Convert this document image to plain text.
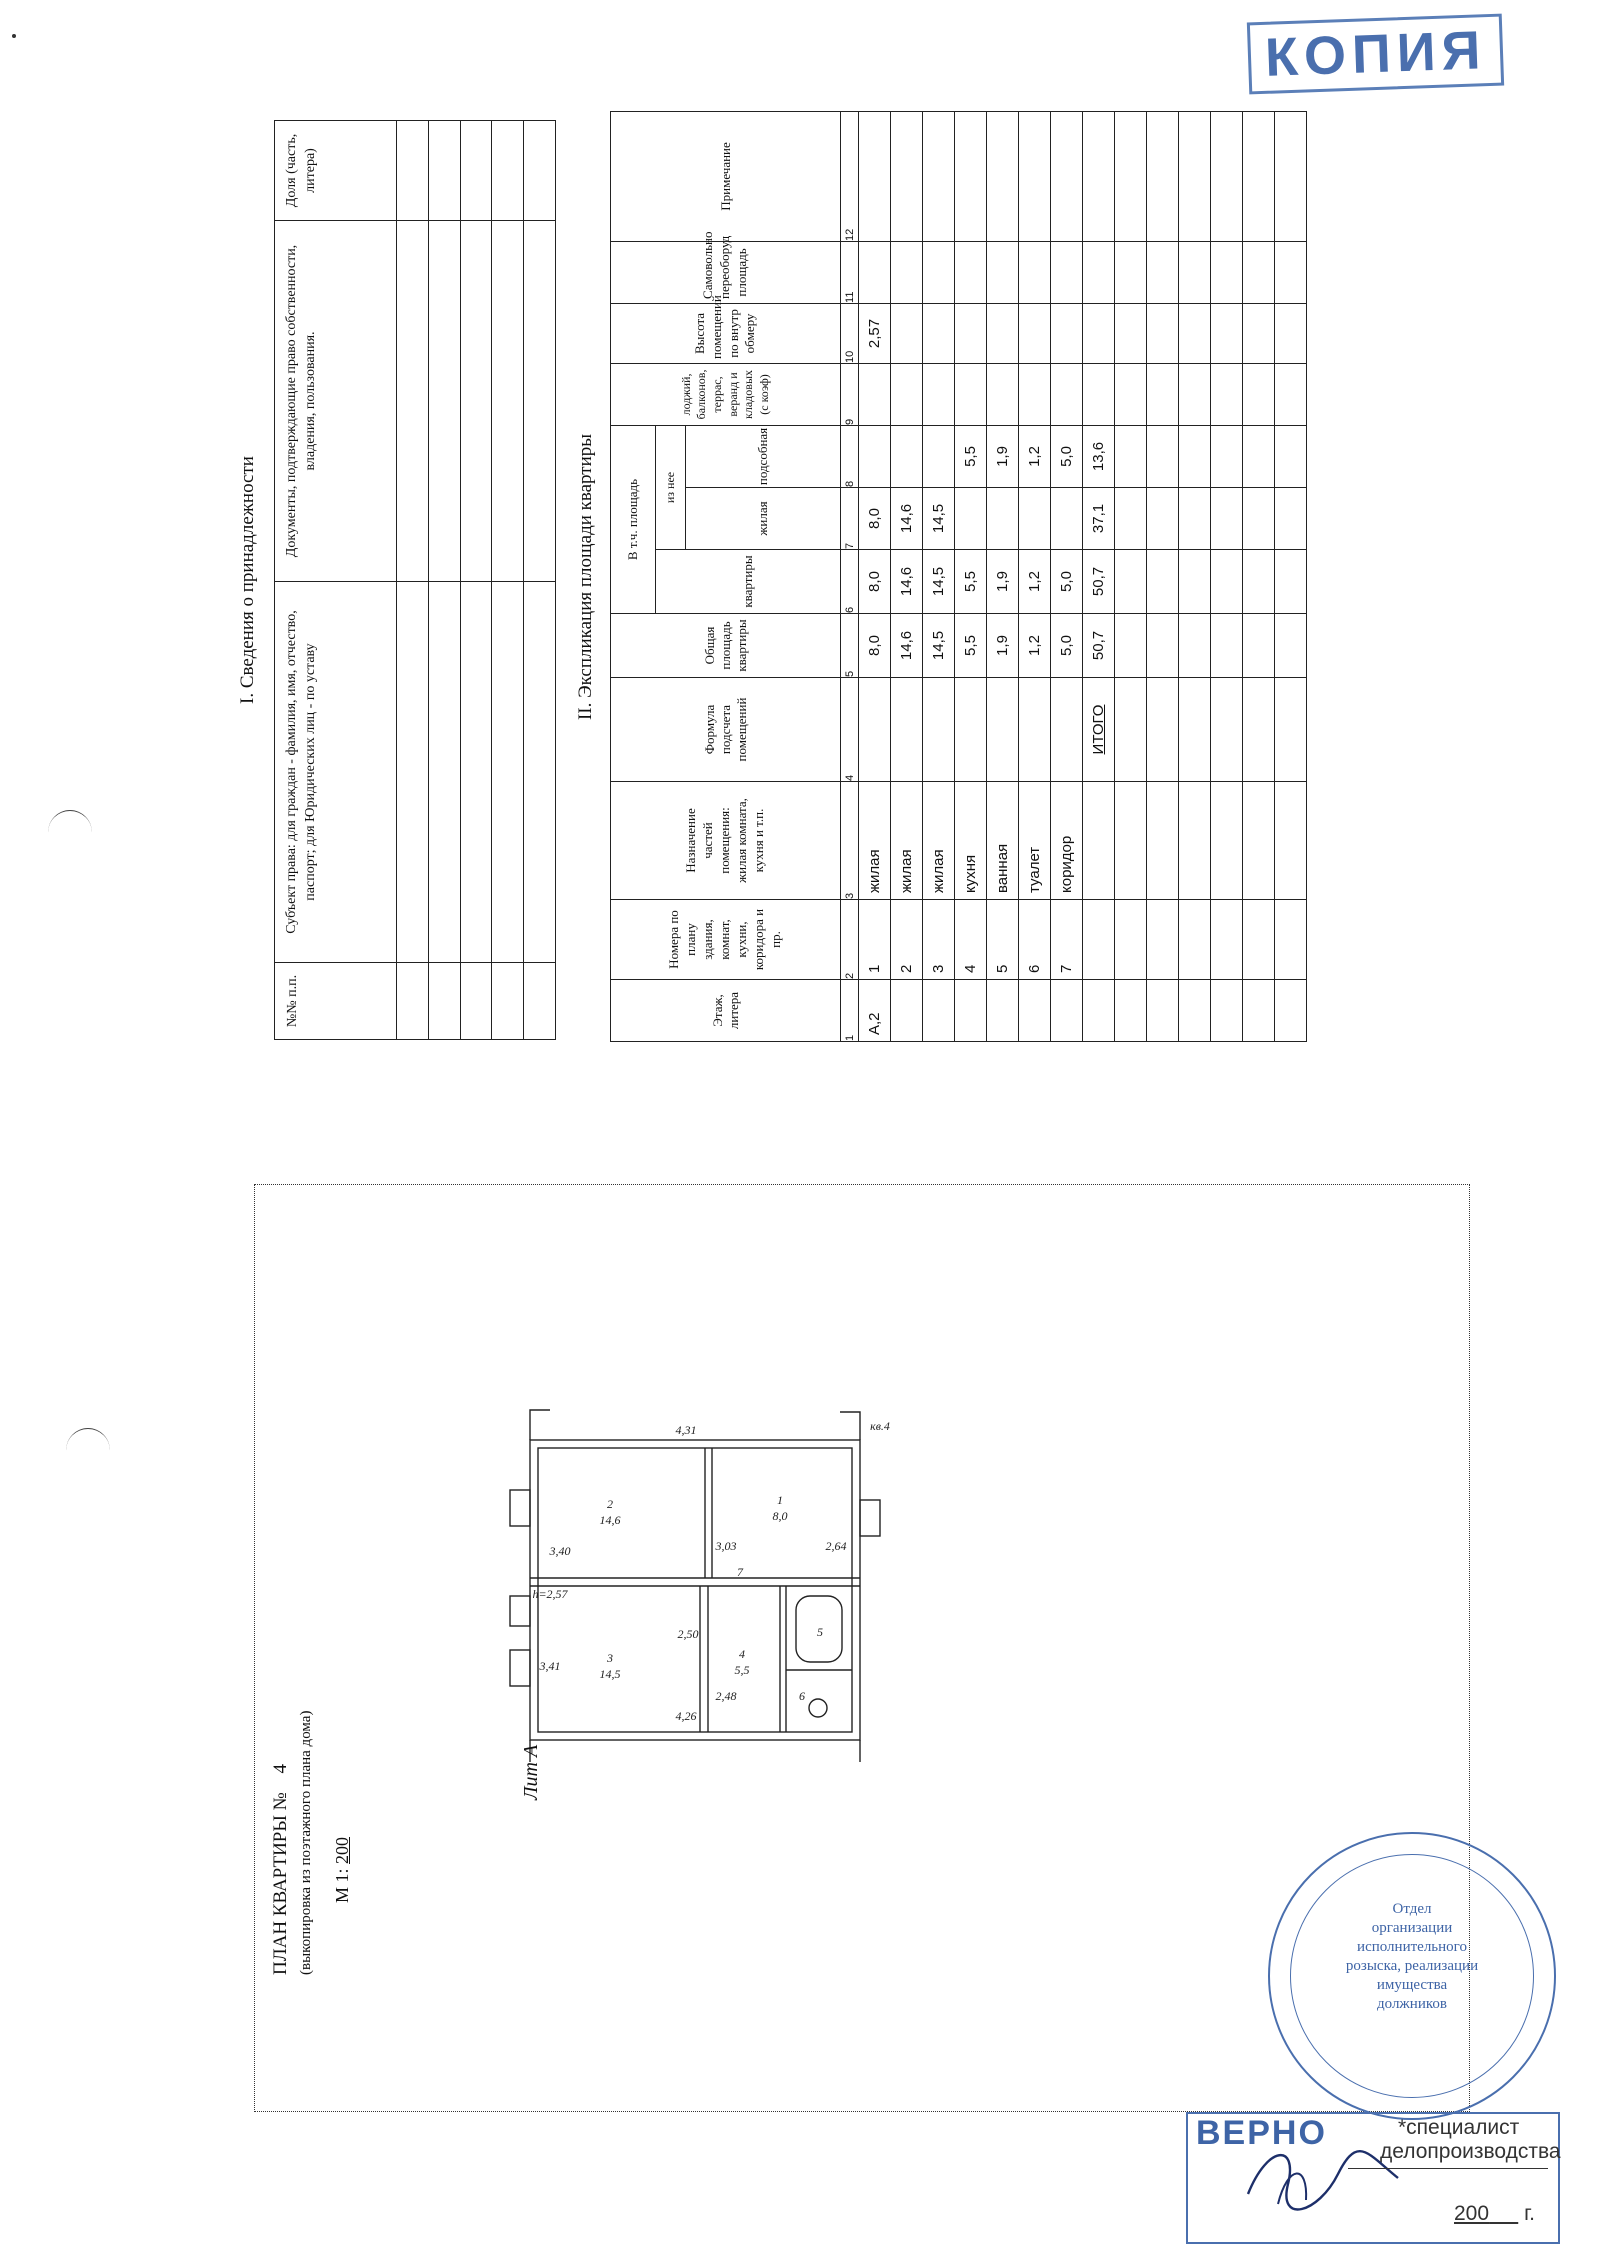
КОПИЯ
I. Сведения о принадлежности
№№ п.п.	Субъект права: для граждан - фамилия, имя, отчество, паспорт; для Юридических лиц - по уставу	Документы, подтверждающие право собственности, владения, пользования.	Доля (часть, литера)

II. Экспликация площади квартиры
Этаж, литера	Номера по плану здания, комнат, кухни, коридора и пр.	Назначение частей помещения: жилая комната, кухня и т.п.	Формула подсчета помещений	Общая площадь квартиры	В т.ч. площадь			лоджий, балконов, террас, веранд и кладовых (с коэф)	Высота помещений по внутр обмеру	Самовольно переоборуд площадь	Примечание
					квартиры	из нее					
						жилая	подсобная				
1	2	3	4	5	6	7	8	9	10	11	12
А,2	1	жилая		8,0	8,0	8,0			2,57		
	2	жилая		14,6	14,6	14,6					
	3	жилая		14,5	14,5	14,5					
	4	кухня		5,5	5,5		5,5				
	5	ванная		1,9	1,9		1,9				
	6	туалет		1,2	1,2		1,2				
	7	коридор		5,0	5,0		5,0				
			ИТОГО	50,7	50,7	37,1	13,6				

ПЛАН КВАРТИРЫ № 4 (выкопировка из поэтажного плана дома)	М 1: 200
2
14,6
3
14,5
1
8,0
4
5,5
5
6
7
2,48
2,50
3,41
4,26
h=2,57
2,64
3,03
3,40
4,31	кв.4
Лит А
Отдел
организации
исполнительного
розыска, реализации
имущества
должников
ВЕРНО	*специалист
делопроизводства
200 г.
